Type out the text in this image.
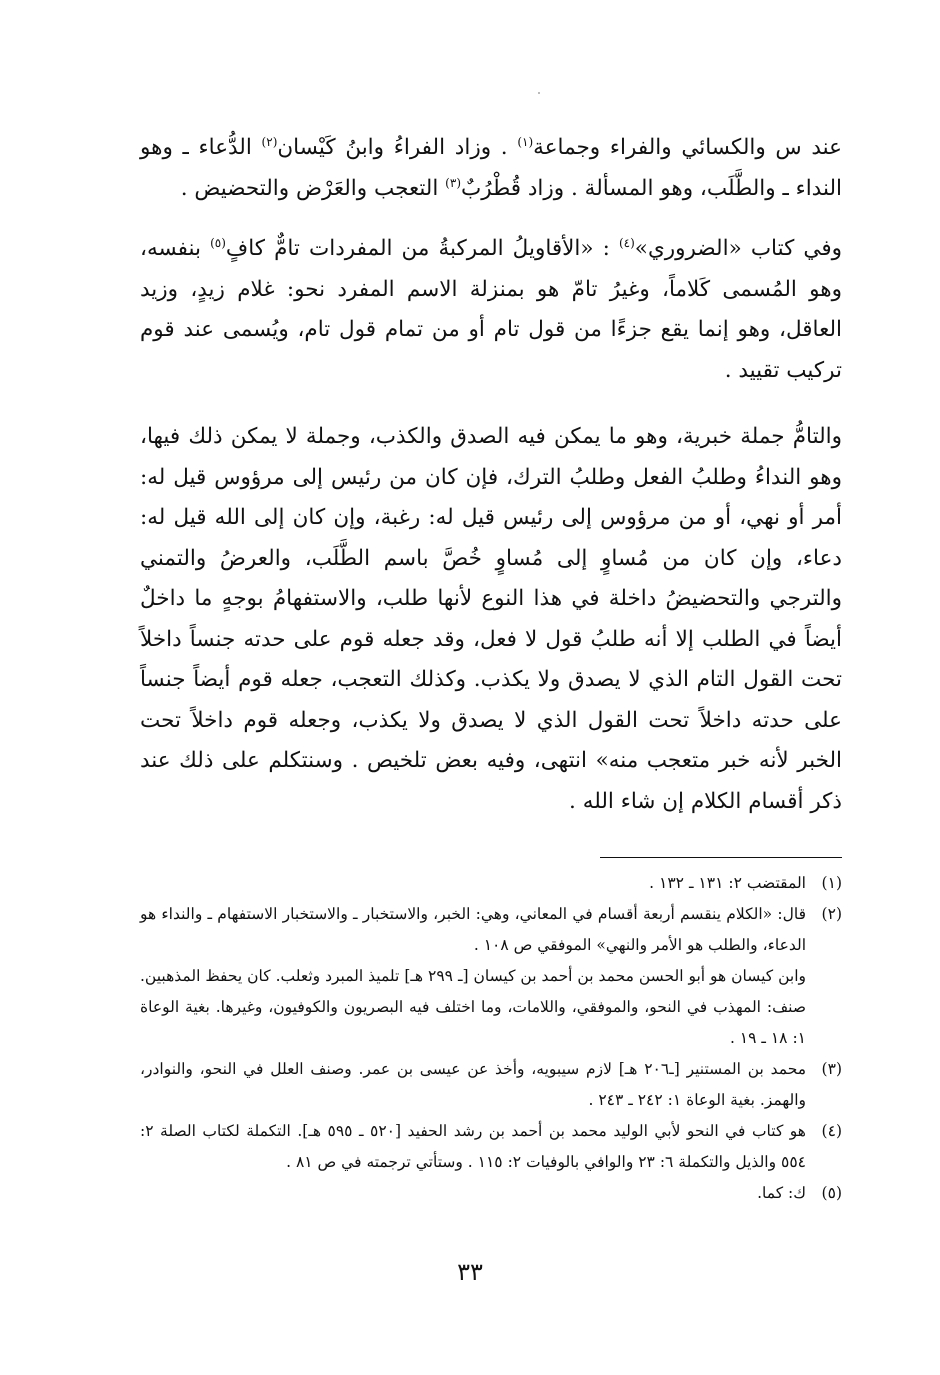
عند س والكسائي والفراء وجماعة$^{(١)}$ . وزاد الفراءُ وابنُ كَيْسان$^{(٢)}$ الدُّعاء ـ وهو النداء ـ والطَّلَب، وهو المسألة . وزاد قُطْرُبٌ$^{(٣)}$ التعجب والعَرْض والتحضيض .

وفي كتاب «الضروري»$^{(٤)}$ : «الأقاويلُ المركبةُ من المفردات تامٌّ كافٍ$^{(٥)}$ بنفسه، وهو المُسمى كَلاماً، وغيرُ تامّ هو بمنزلة الاسم المفرد نحو: غلام زيدٍ، وزيد العاقل، وهو إنما يقع جزءًا من قول تام أو من تمام قول تام، ويُسمى عند قوم تركيب تقييد .

والتامُّ جملة خبرية، وهو ما يمكن فيه الصدق والكذب، وجملة لا يمكن ذلك فيها، وهو النداءُ وطلبُ الفعل وطلبُ الترك، فإن كان من رئيس إلى مرؤوس قيل له: أمر أو نهي، أو من مرؤوس إلى رئيس قيل له: رغبة، وإن كان إلى الله قيل له: دعاء، وإن كان من مُساوٍ إلى مُساوٍ خُصَّ باسم الطَّلَب، والعرضُ والتمني والترجي والتحضيضُ داخلة في هذا النوع لأنها طلب، والاستفهامُ بوجهٍ ما داخلٌ أيضاً في الطلب إلا أنه طلبُ قول لا فعل، وقد جعله قوم على حدته جنساً داخلاً تحت القول التام الذي لا يصدق ولا يكذب. وكذلك التعجب، جعله قوم أيضاً جنساً على حدته داخلاً تحت القول الذي لا يصدق ولا يكذب، وجعله قوم داخلاً تحت الخبر لأنه خبر متعجب منه» انتهى، وفيه بعض تلخيص . وسنتكلم على ذلك عند ذكر أقسام الكلام إن شاء الله .

(١)
المقتضب ٢: ١٣١ ـ ١٣٢ .
(٢)
قال: «الكلام ينقسم أربعة أقسام في المعاني، وهي: الخبر، والاستخبار ـ والاستخبار الاستفهام ـ والنداء هو الدعاء، والطلب هو الأمر والنهي» الموفقي ص ١٠٨ .
وابن كيسان هو أبو الحسن محمد بن أحمد بن كيسان [ـ ٢٩٩ هـ] تلميذ المبرد وثعلب. كان يحفظ المذهبين. صنف: المهذب في النحو، والموفقي، واللامات، وما اختلف فيه البصريون والكوفيون، وغيرها. بغية الوعاة ١: ١٨ ـ ١٩ .
(٣)
محمد بن المستنير [ـ٢٠٦ هـ] لازم سيبويه، وأخذ عن عيسى بن عمر. وصنف العلل في النحو، والنوادر، والهمز. بغية الوعاة ١: ٢٤٢ ـ ٢٤٣ .
(٤)
هو كتاب في النحو لأبي الوليد محمد بن أحمد بن رشد الحفيد [٥٢٠ ـ ٥٩٥ هـ]. التكملة لكتاب الصلة ٢: ٥٥٤ والذيل والتكملة ٦: ٢٣ والوافي بالوفيات ٢: ١١٥ . وستأتي ترجمته في ص ٨١ .
(٥)
ك: كما.
٣٣
